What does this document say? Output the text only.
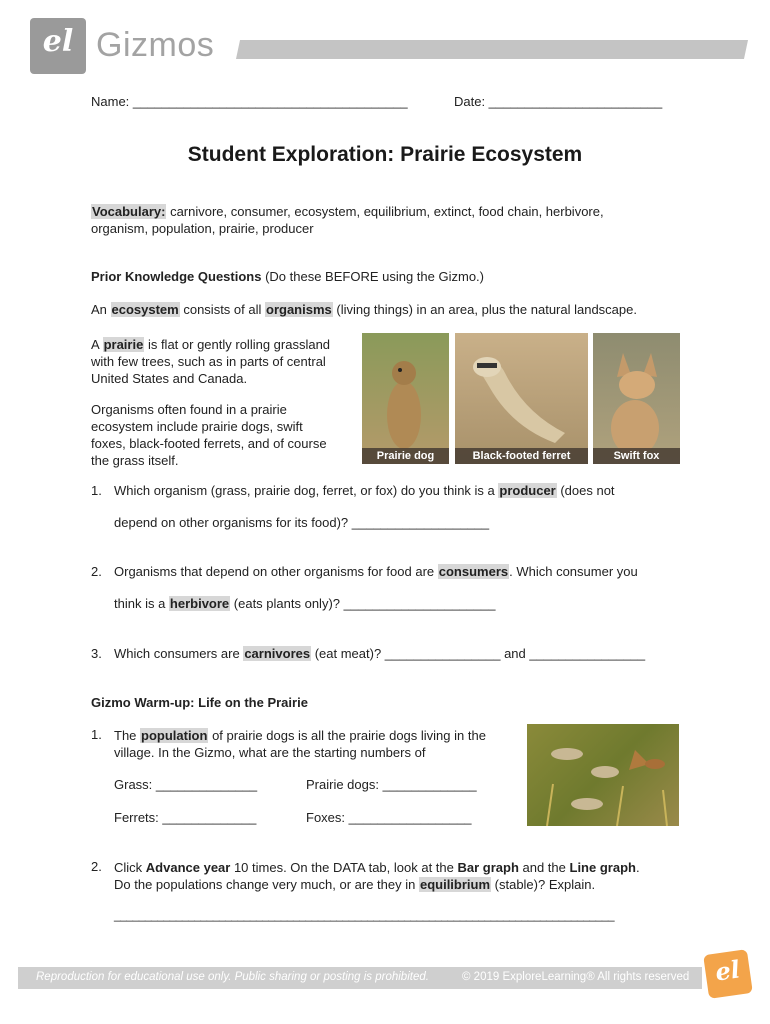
el Gizmos
Name: ______________________________________	Date: ________________________
Student Exploration: Prairie Ecosystem
Vocabulary: carnivore, consumer, ecosystem, equilibrium, extinct, food chain, herbivore,
organism, population, prairie, producer
Prior Knowledge Questions (Do these BEFORE using the Gizmo.)
An ecosystem consists of all organisms (living things) in an area, plus the natural landscape.
A prairie is flat or gently rolling grassland
with few trees, such as in parts of central
United States and Canada.
Organisms often found in a prairie
ecosystem include prairie dogs, swift
foxes, black-footed ferrets, and of course
the grass itself.	Prairie dog	Black-footed ferret	Swift fox
1. Which organism (grass, prairie dog, ferret, or fox) do you think is a producer (does not
depend on other organisms for its food)? ___________________
2. Organisms that depend on other organisms for food are consumers. Which consumer you
think is a herbivore (eats plants only)? _____________________
3. Which consumers are carnivores (eat meat)? ________________ and ________________
Gizmo Warm-up: Life on the Prairie
1. The population of prairie dogs is all the prairie dogs living in the
village. In the Gizmo, what are the starting numbers of
Grass: ______________	Prairie dogs: _____________
Ferrets: _____________	Foxes: _________________
2. Click Advance year 10 times. On the DATA tab, look at the Bar graph and the Line graph.
Do the populations change very much, or are they in equilibrium (stable)? Explain.
_________________________________________________________________________________
Reproduction for educational use only. Public sharing or posting is prohibited.	© 2019 ExploreLearning® All rights reserved	el
